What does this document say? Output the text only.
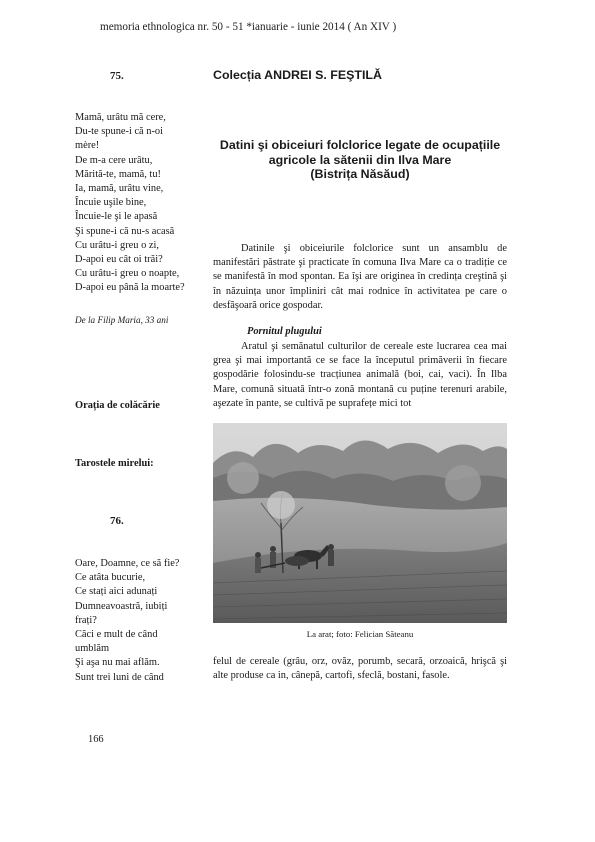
memoria ethnologica nr. 50 - 51 *ianuarie - iunie 2014 ( An XIV )
75.	Colecția ANDREI S. FEŞTILĂ
Mamă, urâtu mă cere,
Du-te spune-i că n-oi
mère!
De m-a cere urâtu,
Mărită-te, mamă, tu!
Ia, mamă, urâtu vine,
Încuie uşile bine,
Încuie-le şi le apasă
Şi spune-i că nu-s acasă
Cu urâtu-i greu o zi,
D-apoi eu cât oi trăi?
Cu urâtu-i greu o noapte,
D-apoi eu până la moarte?
De la Filip Maria, 33 ani
Orația de colăcărie
Tarostele mirelui:
76.
Oare, Doamne, ce să fie?
Ce atâta bucurie,
Ce stați aici adunați
Dumneavoastră, iubiți
frați?
Căci e mult de când
umblăm
Şi aşa nu mai aflăm.
Sunt trei luni de când
Datini şi obiceiuri folclorice legate de ocupațiile
agricole la sătenii din Ilva Mare
(Bistrița Năsăud)
Datinile şi obiceiurile folclorice sunt un ansamblu de manifestări păstrate şi practicate în comuna Ilva Mare ca o tradiție ce se manifestă în mod spontan. Ea îşi are originea în credința creştină şi în năzuința unor împliniri cât mai rodnice în activitatea pe care o desfăşoară orice gospodar.
Pornitul plugului
Aratul şi semănatul culturilor de cereale este lucrarea cea mai grea şi mai importantă ce se face la începutul primăverii în fiecare gospodărie folosindu-se tracțiunea animală (boi, cai, vaci). În Ilba Mare, comună situată într-o zonă montană cu puține terenuri arabile, aşezate în pante, se cultivă pe suprafețe mici tot
La arat; foto: Felician Săteanu
felul de cereale (grâu, orz, ovăz, porumb, secară, orzoaică, hrişcă şi alte produse ca in, cânepă, cartofi, sfeclă, bostani, fasole.
166
